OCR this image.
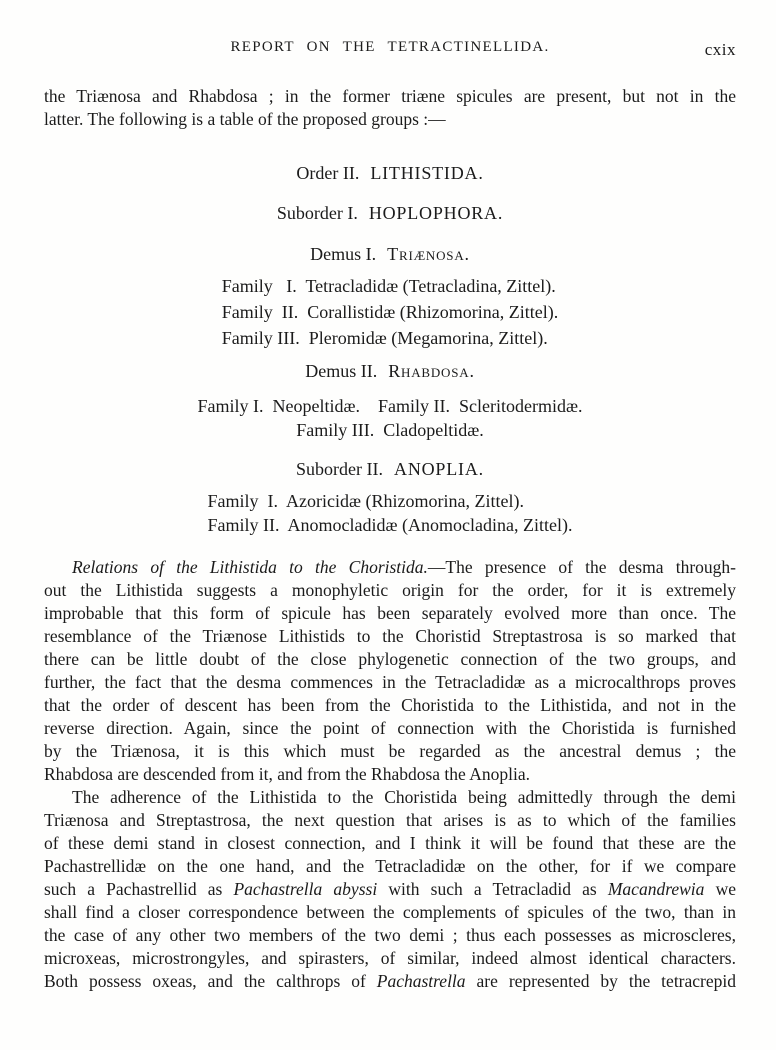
REPORT ON THE TETRACTINELLIDA.	cxix
the Triænosa and Rhabdosa ; in the former triæne spicules are present, but not in the
latter. The following is a table of the proposed groups :—
Order II. LITHISTIDA.
Suborder I. HOPLOPHORA.
Demus I. Triænosa.
Family   I.  Tetracladidæ (Tetracladina, Zittel).
Family  II.  Corallistidæ (Rhizomorina, Zittel).
Family III.  Pleromidæ (Megamorina, Zittel).
Demus II. Rhabdosa.
Family I.  Neopeltidæ.    Family II.  Scleritodermidæ.
Family III.  Cladopeltidæ.
Suborder II. ANOPLIA.
Family  I.  Azoricidæ (Rhizomorina, Zittel).
Family II.  Anomocladidæ (Anomocladina, Zittel).
Relations of the Lithistida to the Choristida.—The presence of the desma through-
out the Lithistida suggests a monophyletic origin for the order, for it is extremely
improbable that this form of spicule has been separately evolved more than once. The
resemblance of the Triænose Lithistids to the Choristid Streptastrosa is so marked that
there can be little doubt of the close phylogenetic connection of the two groups, and
further, the fact that the desma commences in the Tetracladidæ as a microcalthrops proves
that the order of descent has been from the Choristida to the Lithistida, and not in the
reverse direction. Again, since the point of connection with the Choristida is furnished
by the Triænosa, it is this which must be regarded as the ancestral demus ; the
Rhabdosa are descended from it, and from the Rhabdosa the Anoplia.
The adherence of the Lithistida to the Choristida being admittedly through the demi
Triænosa and Streptastrosa, the next question that arises is as to which of the families
of these demi stand in closest connection, and I think it will be found that these are the
Pachastrellidæ on the one hand, and the Tetracladidæ on the other, for if we compare
such a Pachastrellid as Pachastrella abyssi with such a Tetracladid as Macandrewia we
shall find a closer correspondence between the complements of spicules of the two, than in
the case of any other two members of the two demi ; thus each possesses as microscleres,
microxeas, microstrongyles, and spirasters, of similar, indeed almost identical characters.
Both possess oxeas, and the calthrops of Pachastrella are represented by the tetracrepid
